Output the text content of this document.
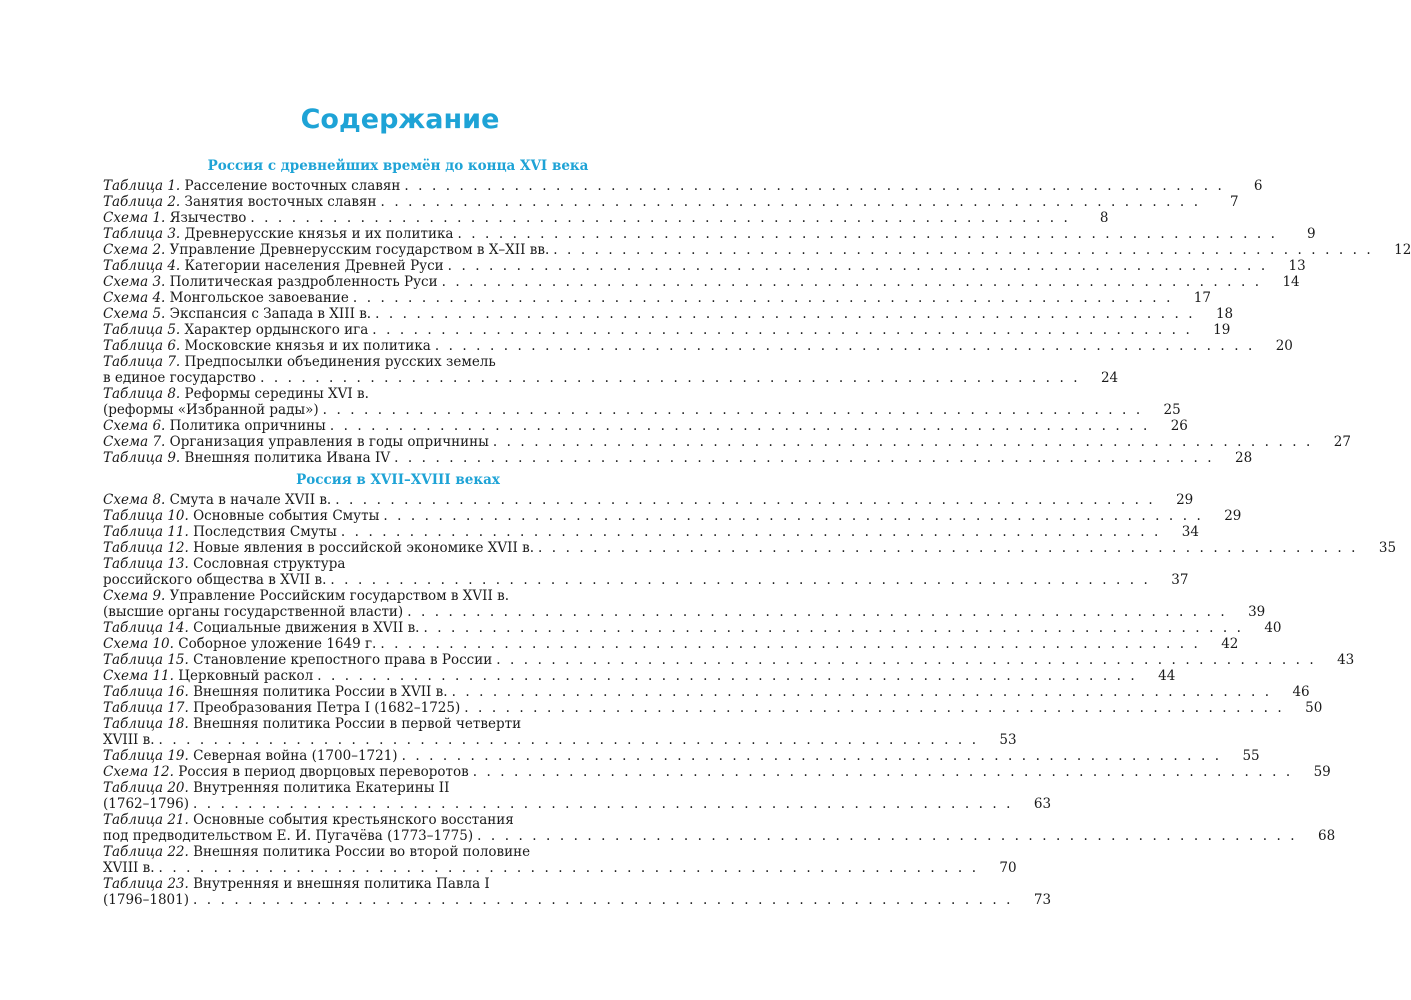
Содержание
Россия с древнейших времён до конца XVI века
Таблица 1. Расселение восточных славян . . . . . . . . . . . . . . . . . . . . . . . . . . . . . . . . . . . . . . . . . . . . . . . . . . . . . . . . . . . .	6
Таблица 2. Занятия восточных славян . . . . . . . . . . . . . . . . . . . . . . . . . . . . . . . . . . . . . . . . . . . . . . . . . . . . . . . . . . . .	7
Схема 1. Язычество . . . . . . . . . . . . . . . . . . . . . . . . . . . . . . . . . . . . . . . . . . . . . . . . . . . . . . . . . . . .	8
Таблица 3. Древнерусские князья и их политика . . . . . . . . . . . . . . . . . . . . . . . . . . . . . . . . . . . . . . . . . . . . . . . . . . . . . . . . . . . .	9
Схема 2. Управление Древнерусским государством в X–XII вв. . . . . . . . . . . . . . . . . . . . . . . . . . . . . . . . . . . . . . . . . . . . . . . . . . . . . . . . . . . . .	12
Таблица 4. Категории населения Древней Руси . . . . . . . . . . . . . . . . . . . . . . . . . . . . . . . . . . . . . . . . . . . . . . . . . . . . . . . . . . . .	13
Схема 3. Политическая раздробленность Руси . . . . . . . . . . . . . . . . . . . . . . . . . . . . . . . . . . . . . . . . . . . . . . . . . . . . . . . . . . . .	14
Схема 4. Монгольское завоевание . . . . . . . . . . . . . . . . . . . . . . . . . . . . . . . . . . . . . . . . . . . . . . . . . . . . . . . . . . . .	17
Схема 5. Экспансия с Запада в XIII в. . . . . . . . . . . . . . . . . . . . . . . . . . . . . . . . . . . . . . . . . . . . . . . . . . . . . . . . . . . . .	18
Таблица 5. Характер ордынского ига . . . . . . . . . . . . . . . . . . . . . . . . . . . . . . . . . . . . . . . . . . . . . . . . . . . . . . . . . . . .	19
Таблица 6. Московские князья и их политика . . . . . . . . . . . . . . . . . . . . . . . . . . . . . . . . . . . . . . . . . . . . . . . . . . . . . . . . . . . .	20
Таблица 7. Предпосылки объединения русских земель
в единое государство . . . . . . . . . . . . . . . . . . . . . . . . . . . . . . . . . . . . . . . . . . . . . . . . . . . . . . . . . . . .	24
Таблица 8. Реформы середины XVI в.
(реформы «Избранной рады») . . . . . . . . . . . . . . . . . . . . . . . . . . . . . . . . . . . . . . . . . . . . . . . . . . . . . . . . . . . .	25
Схема 6. Политика опричнины . . . . . . . . . . . . . . . . . . . . . . . . . . . . . . . . . . . . . . . . . . . . . . . . . . . . . . . . . . . .	26
Схема 7. Организация управления в годы опричнины . . . . . . . . . . . . . . . . . . . . . . . . . . . . . . . . . . . . . . . . . . . . . . . . . . . . . . . . . . . .	27
Таблица 9. Внешняя политика Ивана IV . . . . . . . . . . . . . . . . . . . . . . . . . . . . . . . . . . . . . . . . . . . . . . . . . . . . . . . . . . . .	28
Россия в XVII–XVIII веках
Схема 8. Смута в начале XVII в. . . . . . . . . . . . . . . . . . . . . . . . . . . . . . . . . . . . . . . . . . . . . . . . . . . . . . . . . . . . .	29
Таблица 10. Основные события Смуты . . . . . . . . . . . . . . . . . . . . . . . . . . . . . . . . . . . . . . . . . . . . . . . . . . . . . . . . . . . .	29
Таблица 11. Последствия Смуты . . . . . . . . . . . . . . . . . . . . . . . . . . . . . . . . . . . . . . . . . . . . . . . . . . . . . . . . . . . .	34
Таблица 12. Новые явления в российской экономике XVII в. . . . . . . . . . . . . . . . . . . . . . . . . . . . . . . . . . . . . . . . . . . . . . . . . . . . . . . . . . . . .	35
Таблица 13. Сословная структура
российского общества в XVII в. . . . . . . . . . . . . . . . . . . . . . . . . . . . . . . . . . . . . . . . . . . . . . . . . . . . . . . . . . . . .	37
Схема 9. Управление Российским государством в XVII в.
(высшие органы государственной власти) . . . . . . . . . . . . . . . . . . . . . . . . . . . . . . . . . . . . . . . . . . . . . . . . . . . . . . . . . . . .	39
Таблица 14. Социальные движения в XVII в. . . . . . . . . . . . . . . . . . . . . . . . . . . . . . . . . . . . . . . . . . . . . . . . . . . . . . . . . . . . .	40
Схема 10. Соборное уложение 1649 г. . . . . . . . . . . . . . . . . . . . . . . . . . . . . . . . . . . . . . . . . . . . . . . . . . . . . . . . . . . . .	42
Таблица 15. Становление крепостного права в России . . . . . . . . . . . . . . . . . . . . . . . . . . . . . . . . . . . . . . . . . . . . . . . . . . . . . . . . . . . .	43
Схема 11. Церковный раскол . . . . . . . . . . . . . . . . . . . . . . . . . . . . . . . . . . . . . . . . . . . . . . . . . . . . . . . . . . . .	44
Таблица 16. Внешняя политика России в XVII в. . . . . . . . . . . . . . . . . . . . . . . . . . . . . . . . . . . . . . . . . . . . . . . . . . . . . . . . . . . . .	46
Таблица 17. Преобразования Петра I (1682–1725) . . . . . . . . . . . . . . . . . . . . . . . . . . . . . . . . . . . . . . . . . . . . . . . . . . . . . . . . . . . .	50
Таблица 18. Внешняя политика России в первой четверти
XVIII в. . . . . . . . . . . . . . . . . . . . . . . . . . . . . . . . . . . . . . . . . . . . . . . . . . . . . . . . . . . . .	53
Таблица 19. Северная война (1700–1721) . . . . . . . . . . . . . . . . . . . . . . . . . . . . . . . . . . . . . . . . . . . . . . . . . . . . . . . . . . . .	55
Схема 12. Россия в период дворцовых переворотов . . . . . . . . . . . . . . . . . . . . . . . . . . . . . . . . . . . . . . . . . . . . . . . . . . . . . . . . . . . .	59
Таблица 20. Внутренняя политика Екатерины II
(1762–1796) . . . . . . . . . . . . . . . . . . . . . . . . . . . . . . . . . . . . . . . . . . . . . . . . . . . . . . . . . . . .	63
Таблица 21. Основные события крестьянского восстания
под предводительством Е. И. Пугачёва (1773–1775) . . . . . . . . . . . . . . . . . . . . . . . . . . . . . . . . . . . . . . . . . . . . . . . . . . . . . . . . . . . .	68
Таблица 22. Внешняя политика России во второй половине
XVIII в. . . . . . . . . . . . . . . . . . . . . . . . . . . . . . . . . . . . . . . . . . . . . . . . . . . . . . . . . . . . .	70
Таблица 23. Внутренняя и внешняя политика Павла I
(1796–1801) . . . . . . . . . . . . . . . . . . . . . . . . . . . . . . . . . . . . . . . . . . . . . . . . . . . . . . . . . . . .	73
